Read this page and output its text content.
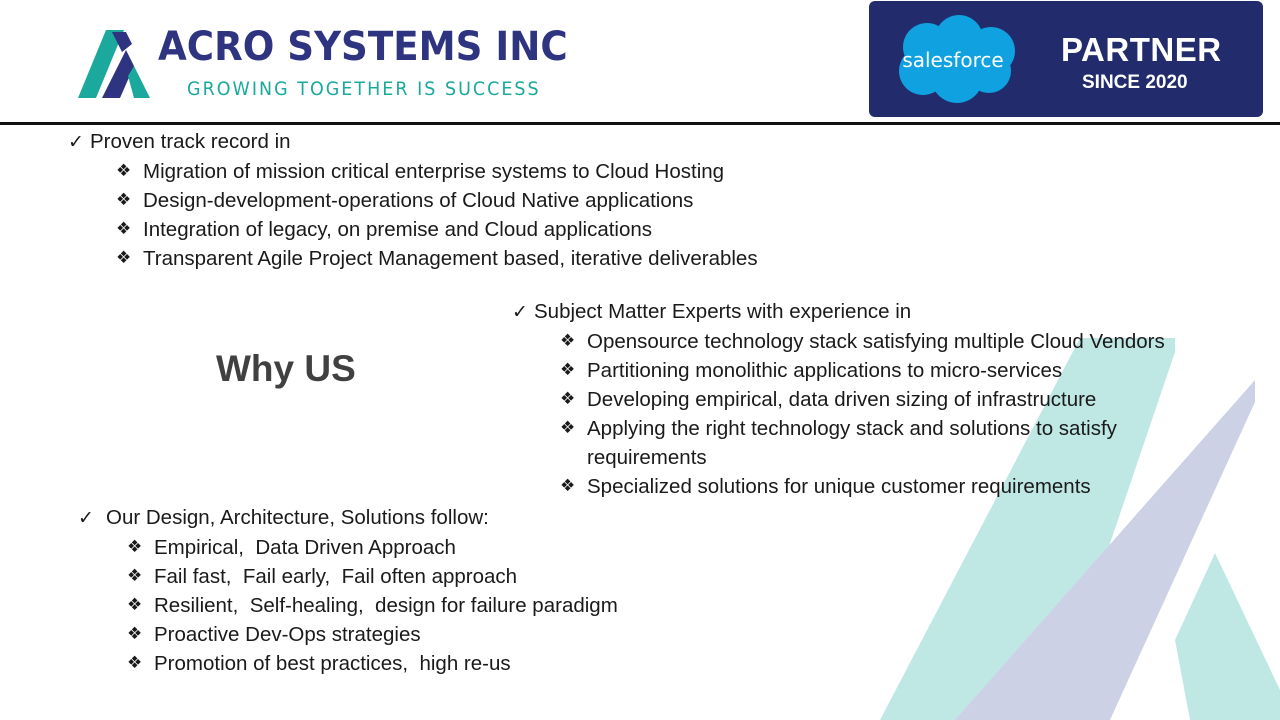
ACRO SYSTEMS INC
GROWING TOGETHER IS SUCCESS
salesforce PARTNER
SINCE 2020
✓ Proven track record in
❖ Migration of mission critical enterprise systems to Cloud Hosting
❖ Design-development-operations of Cloud Native applications
❖ Integration of legacy, on premise and Cloud applications
❖ Transparent Agile Project Management based, iterative deliverables
✓ Subject Matter Experts with experience in
❖ Opensource technology stack satisfying multiple Cloud Vendors
❖ Partitioning monolithic applications to micro-services
❖ Developing empirical, data driven sizing of infrastructure
❖ Applying the right technology stack and solutions to satisfy requirements
❖ Specialized solutions for unique customer requirements
Why US
✓ Our Design, Architecture, Solutions follow:
❖ Empirical,  Data Driven Approach
❖ Fail fast,  Fail early,  Fail often approach
❖ Resilient,  Self-healing,  design for failure paradigm
❖ Proactive Dev-Ops strategies
❖ Promotion of best practices,  high re-us
